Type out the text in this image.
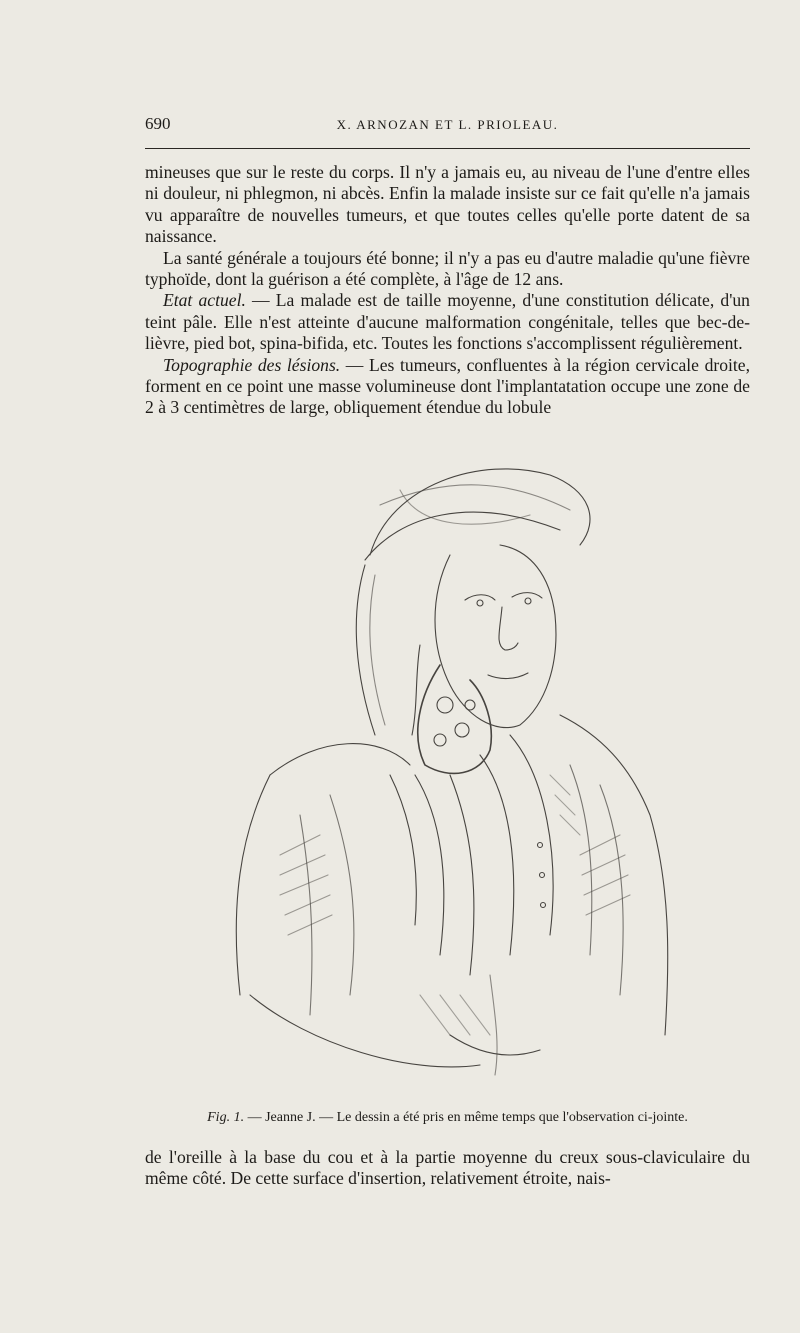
690	X. ARNOZAN ET L. PRIOLEAU.

mineuses que sur le reste du corps. Il n'y a jamais eu, au niveau de l'une d'entre elles ni douleur, ni phlegmon, ni abcès. Enfin la malade insiste sur ce fait qu'elle n'a jamais vu apparaître de nouvelles tumeurs, et que toutes celles qu'elle porte datent de sa naissance.

La santé générale a toujours été bonne; il n'y a pas eu d'autre maladie qu'une fièvre typhoïde, dont la guérison a été complète, à l'âge de 12 ans.

Etat actuel. — La malade est de taille moyenne, d'une constitution délicate, d'un teint pâle. Elle n'est atteinte d'aucune malformation congénitale, telles que bec-de-lièvre, pied bot, spina-bifida, etc. Toutes les fonctions s'accomplissent régulièrement.

Topographie des lésions. — Les tumeurs, confluentes à la région cervicale droite, forment en ce point une masse volumineuse dont l'implantatation occupe une zone de 2 à 3 centimètres de large, obliquement étendue du lobule

Fig. 1. — Jeanne J. — Le dessin a été pris en même temps que l'observation ci-jointe.

de l'oreille à la base du cou et à la partie moyenne du creux sous-claviculaire du même côté. De cette surface d'insertion, relativement étroite, nais-
